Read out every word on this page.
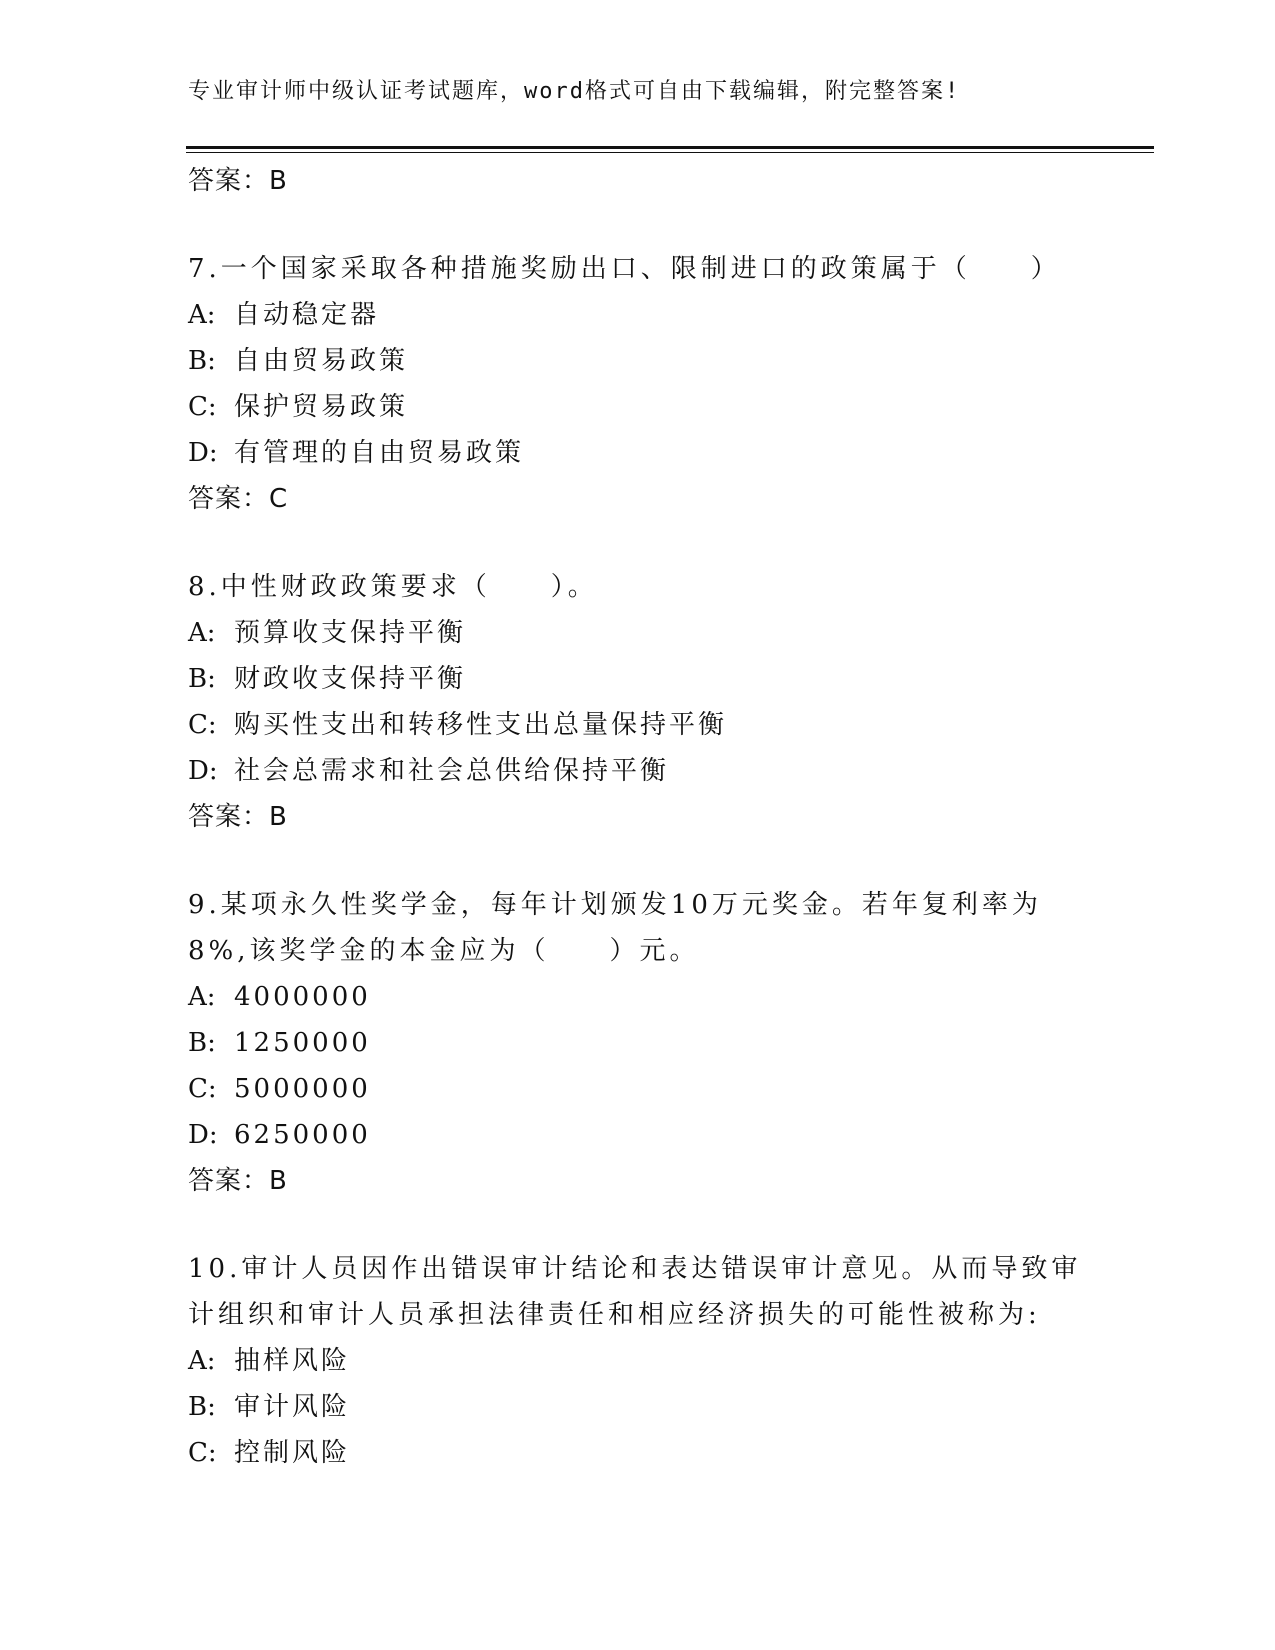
专业审计师中级认证考试题库，word格式可自由下载编辑，附完整答案!
答案：B
7.一个国家采取各种措施奖励出口、限制进口的政策属于（　　）
A: 自动稳定器
B: 自由贸易政策
C: 保护贸易政策
D: 有管理的自由贸易政策
答案：C
8.中性财政政策要求（　　）。
A: 预算收支保持平衡
B: 财政收支保持平衡
C: 购买性支出和转移性支出总量保持平衡
D: 社会总需求和社会总供给保持平衡
答案：B
9.某项永久性奖学金，每年计划颁发10万元奖金。若年复利率为8%,该奖学金的本金应为（　　）元。
A: 4000000
B: 1250000
C: 5000000
D: 6250000
答案：B
10.审计人员因作出错误审计结论和表达错误审计意见。从而导致审计组织和审计人员承担法律责任和相应经济损失的可能性被称为:
A: 抽样风险
B: 审计风险
C: 控制风险
